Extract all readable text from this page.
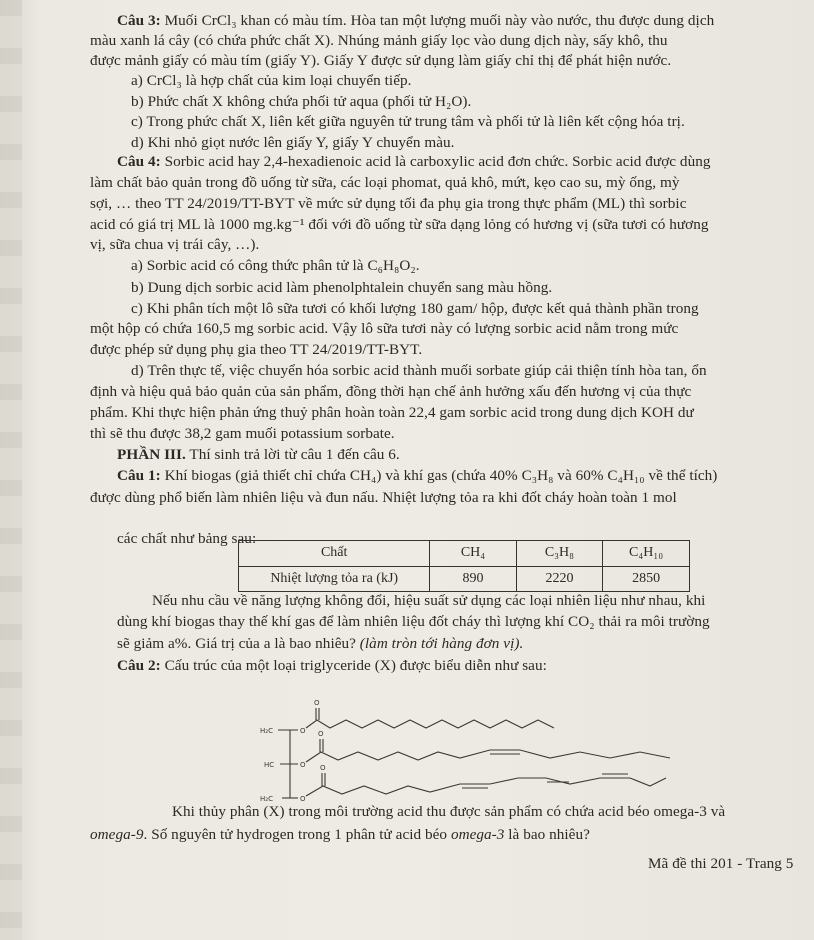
Câu 3: Muối CrCl₃ khan có màu tím. Hòa tan một lượng muối này vào nước, thu được dung dịch
màu xanh lá cây (có chứa phức chất X). Nhúng mảnh giấy lọc vào dung dịch này, sấy khô, thu
được mảnh giấy có màu tím (giấy Y). Giấy Y được sử dụng làm giấy chỉ thị để phát hiện nước.
a) CrCl₃ là hợp chất của kim loại chuyển tiếp.
b) Phức chất X không chứa phối tử aqua (phối tử H₂O).
c) Trong phức chất X, liên kết giữa nguyên tử trung tâm và phối tử là liên kết cộng hóa trị.
d) Khi nhỏ giọt nước lên giấy Y, giấy Y chuyển màu.
Câu 4: Sorbic acid hay 2,4-hexadienoic acid là carboxylic acid đơn chức. Sorbic acid được dùng
làm chất bảo quản trong đồ uống từ sữa, các loại phomat, quả khô, mứt, kẹo cao su, mỳ ống, mỳ
sợi, … theo TT 24/2019/TT-BYT về mức sử dụng tối đa phụ gia trong thực phẩm (ML) thì sorbic
acid có giá trị ML là 1000 mg.kg⁻¹ đối với đồ uống từ sữa dạng lỏng có hương vị (sữa tươi có hương
vị, sữa chua vị trái cây, …).
a) Sorbic acid có công thức phân tử là C₆H₈O₂.
b) Dung dịch sorbic acid làm phenolphtalein chuyển sang màu hồng.
c) Khi phân tích một lô sữa tươi có khối lượng 180 gam/ hộp, được kết quả thành phần trong
một hộp có chứa 160,5 mg sorbic acid. Vậy lô sữa tươi này có lượng sorbic acid nằm trong mức
được phép sử dụng phụ gia theo TT 24/2019/TT-BYT.
d) Trên thực tế, việc chuyển hóa sorbic acid thành muối sorbate giúp cải thiện tính hòa tan, ổn
định và hiệu quả bảo quản của sản phẩm, đồng thời hạn chế ảnh hưởng xấu đến hương vị của thực
phẩm. Khi thực hiện phản ứng thuỷ phân hoàn toàn 22,4 gam sorbic acid trong dung dịch KOH dư
thì sẽ thu được 38,2 gam muối potassium sorbate.
PHẦN III. Thí sinh trả lời từ câu 1 đến câu 6.
Câu 1: Khí biogas (giả thiết chỉ chứa CH₄) và khí gas (chứa 40% C₃H₈ và 60% C₄H₁₀ về thể tích)
được dùng phổ biến làm nhiên liệu và đun nấu. Nhiệt lượng tỏa ra khi đốt cháy hoàn toàn 1 mol
các chất như bảng sau:
Chất	CH₄	C₃H₈	C₄H₁₀
Nhiệt lượng tỏa ra (kJ)	890	2220	2850
Nếu nhu cầu về năng lượng không đổi, hiệu suất sử dụng các loại nhiên liệu như nhau, khi
dùng khí biogas thay thế khí gas để làm nhiên liệu đốt cháy thì lượng khí CO₂ thải ra môi trường
sẽ giảm a%. Giá trị của a là bao nhiêu? (làm tròn tới hàng đơn vị).
Câu 2: Cấu trúc của một loại triglyceride (X) được biểu diễn như sau:
H₂C
HC
H₂C
O
O
O
O
O
O
Khi thủy phân (X) trong môi trường acid thu được sản phẩm có chứa acid béo omega-3 và
omega-9. Số nguyên tử hydrogen trong 1 phân tử acid béo omega-3 là bao nhiêu?
Mã đề thi 201 - Trang 5
